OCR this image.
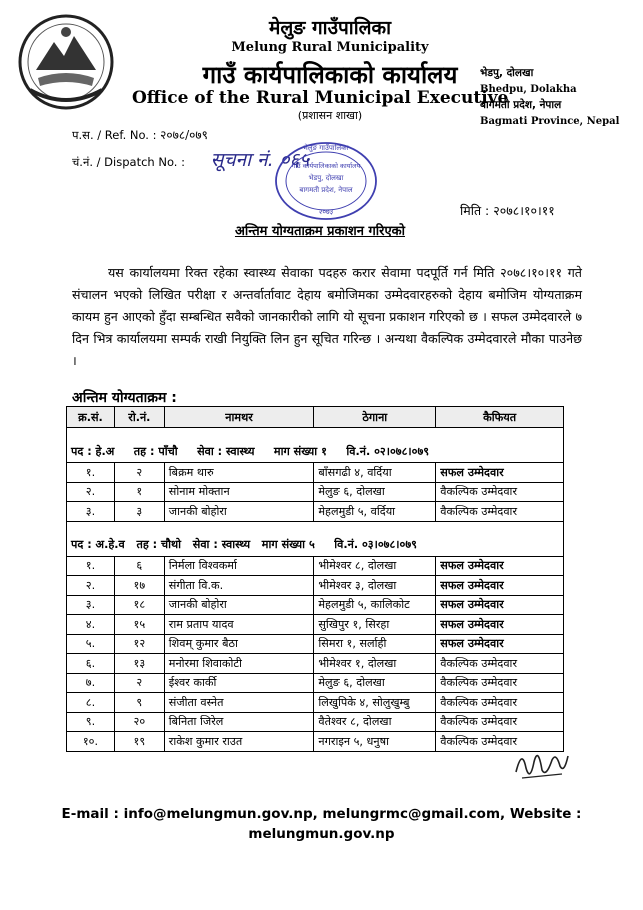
मेलुङ गाउँपालिका
Melung Rural Municipality
गाउँ कार्यपालिकाको कार्यालय
Office of the Rural Municipal Executive
(प्रशासन शाखा)
भेडपु, दोलखा
Bhedpu, Dolakha
बागमती प्रदेश, नेपाल
Bagmati Province, Nepal
प.स. / Ref. No. : २०७८/०७९
चं.नं. / Dispatch No. : सूचना नं. ०६५
मेलुङ गाउँपालिका
गाउँ कार्यपालिकाको कार्यालय
भेडपु, दोलखा
बागमती प्रदेश, नेपाल
२०७३	मिति : २०७८।१०।११
अन्तिम योग्यताक्रम प्रकाशन गरिएको
यस कार्यालयमा रिक्त रहेका स्वास्थ्य सेवाका पदहरु करार सेवामा पदपूर्ति गर्न मिति २०७८।१०।११ गते संचालन भएको लिखित परीक्षा र अन्तर्वार्तावाट देहाय बमोजिमका उम्मेदवारहरुको देहाय बमोजिम योग्यताक्रम कायम हुन आएको हुँदा सम्बन्धित सवैको जानकारीको लागि यो सूचना प्रकाशन गरिएको छ । सफल उम्मेदवारले ७ दिन भित्र कार्यालयमा सम्पर्क राखी नियुक्ति लिन हुन सूचित गरिन्छ । अन्यथा वैकल्पिक उम्मेदवारले मौका पाउनेछ ।
अन्तिम योग्यताक्रम :
क्र.सं.	रो.नं.	नामथर	ठेगाना	कैफियत

पद : हे.अ     तह : पाँचौ     सेवा : स्वास्थ्य     माग संख्या १     वि.नं. ०२।०७८।०७९				
१.	२	बिक्रम थारु	बाँसगढी ४, वर्दिया	सफल उम्मेदवार
२.	१	सोनाम मोक्तान	मेलुङ ६, दोलखा	वैकल्पिक उम्मेदवार
३.	३	जानकी बोहोरा	मेहलमुडी ५, वर्दिया	वैकल्पिक उम्मेदवार

पद : अ.हे.व   तह : चौथो   सेवा : स्वास्थ्य   माग संख्या ५     वि.नं. ०३।०७८।०७९				
१.	६	निर्मला विश्वकर्मा	भीमेश्वर ८, दोलखा	सफल उम्मेदवार
२.	१७	संगीता वि.क.	भीमेश्वर ३, दोलखा	सफल उम्मेदवार
३.	१८	जानकी बोहोरा	मेहलमुडी ५, कालिकोट	सफल उम्मेदवार
४.	१५	राम प्रताप यादव	सुखिपुर १, सिरहा	सफल उम्मेदवार
५.	१२	शिवम् कुमार बैठा	सिमरा १, सर्लाही	सफल उम्मेदवार
६.	१३	मनोरमा शिवाकोटी	भीमेश्वर १, दोलखा	वैकल्पिक उम्मेदवार
७.	२	ईश्वर कार्की	मेलुङ ६, दोलखा	वैकल्पिक उम्मेदवार
८.	९	संजीता वस्नेत	लिखुपिके ४, सोलुखुम्बु	वैकल्पिक उम्मेदवार
९.	२०	बिनिता जिरेल	वैतेश्वर ८, दोलखा	वैकल्पिक उम्मेदवार
१०.	१९	राकेश कुमार राउत	नगराइन ५, धनुषा	वैकल्पिक उम्मेदवार
E-mail : info@melungmun.gov.np, melungrmc@gmail.com, Website :
melungmun.gov.np
